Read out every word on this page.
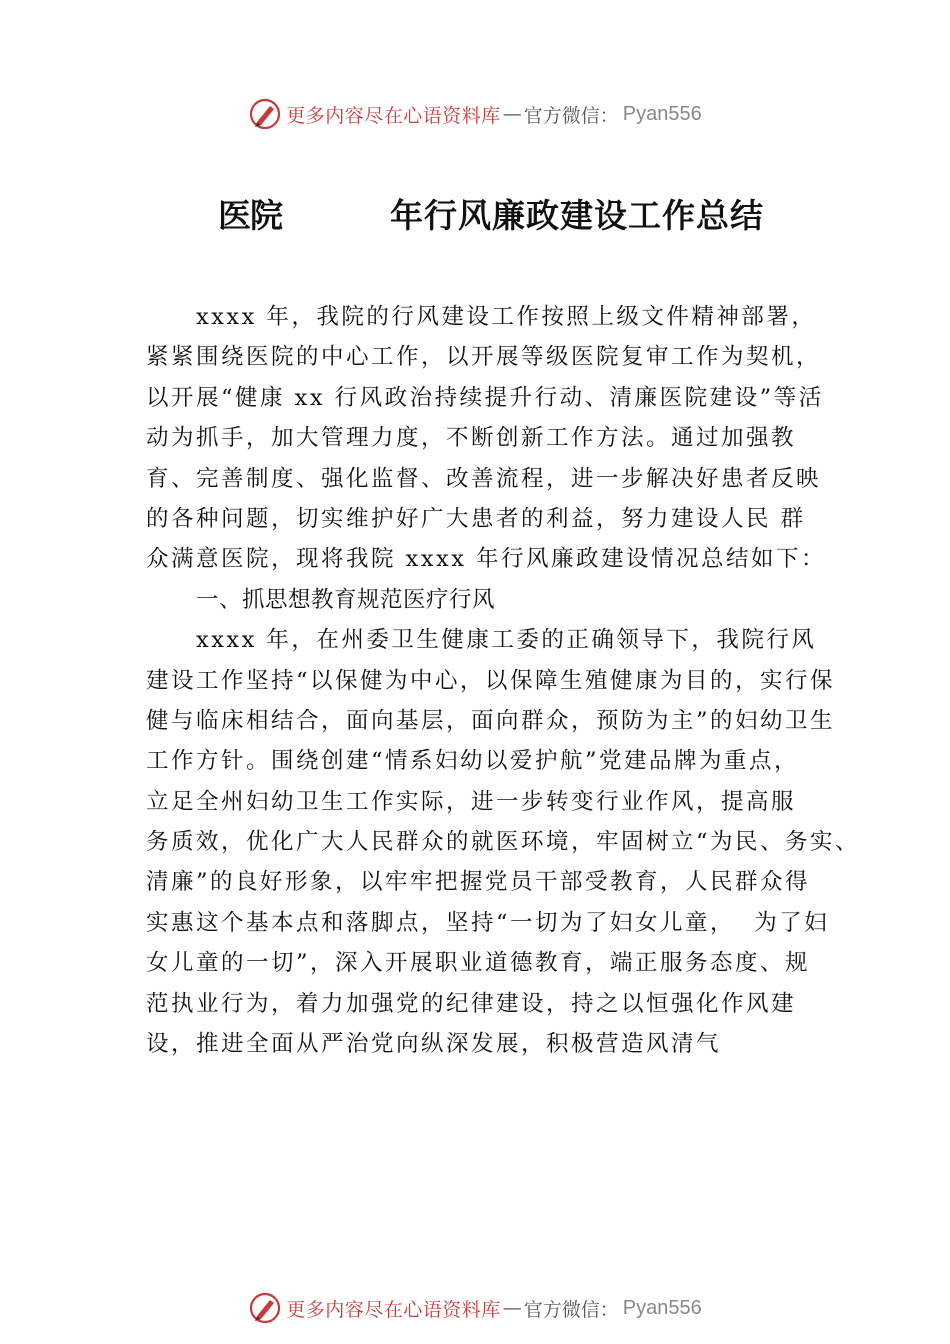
更多内容尽在心语资料库 — 官方微信： Pyan556
医院	年行风廉政建设工作总结
xxxx 年，我院的行风建设工作按照上级文件精神部署，
紧紧围绕医院的中心工作，以开展等级医院复审工作为契机，
以开展“健康 xx 行风政治持续提升行动、清廉医院建设”等活
动为抓手，加大管理力度，不断创新工作方法。通过加强教
育、完善制度、强化监督、改善流程，进一步解决好患者反映
的各种问题，切实维护好广大患者的利益，努力建设人民 群
众满意医院，现将我院 xxxx 年行风廉政建设情况总结如下：
一、抓思想教育规范医疗行风
xxxx 年，在州委卫生健康工委的正确领导下，我院行风
建设工作坚持“以保健为中心，以保障生殖健康为目的，实行保
健与临床相结合，面向基层，面向群众，预防为主”的妇幼卫生
工作方针。围绕创建“情系妇幼以爱护航”党建品牌为重点，
立足全州妇幼卫生工作实际，进一步转变行业作风，提高服
务质效，优化广大人民群众的就医环境，牢固树立“为民、务实、
清廉”的良好形象，以牢牢把握党员干部受教育，人民群众得
实惠这个基本点和落脚点，坚持“一切为了妇女儿童，  为了妇
女儿童的一切”，深入开展职业道德教育，端正服务态度、规
范执业行为，着力加强党的纪律建设，持之以恒强化作风建
设，推进全面从严治党向纵深发展，积极营造风清气
更多内容尽在心语资料库 — 官方微信： Pyan556
